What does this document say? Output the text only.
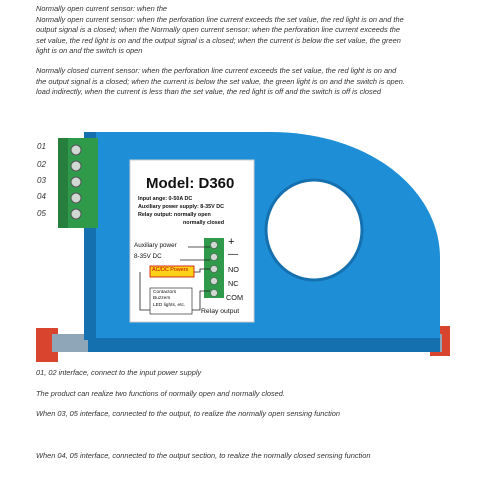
Normally open current sensor: when the
Normally open current sensor: when the perforation line current exceeds the set value, the red light is on and the
output signal is a closed; when the Normally open current sensor: when the perforation line current exceeds the
set value, the red light is on and the output signal is a closed; when the current is below the set value, the green
light is on and the switch is open
Normally closed current sensor: when the perforation line current exceeds the set value, the red light is on and
the output signal is a closed; when the current is below the set value, the green light is on and the switch is open.
load indirectly, when the current is less than the set value, the red light is off and the switch is off is closed
01
02
03
04
05
Model: D360
Input ange: 0-50A DC
Auxiliary power supply: 8-35V DC
Relay output: normally open
normally closed
Auxiliary power
8-35V DC
AC/DC Powers
Contactors
Buzzers
LED lights, etc.
+
—
NO
NC
COM
Relay output
01, 02 interface, connect to the input power supply
The product can realize two functions of normally open and normally closed.
When 03, 05 interface, connected to the output, to realize the normally open sensing function
When 04, 05 interface, connected to the output section, to realize the normally closed sensing function
